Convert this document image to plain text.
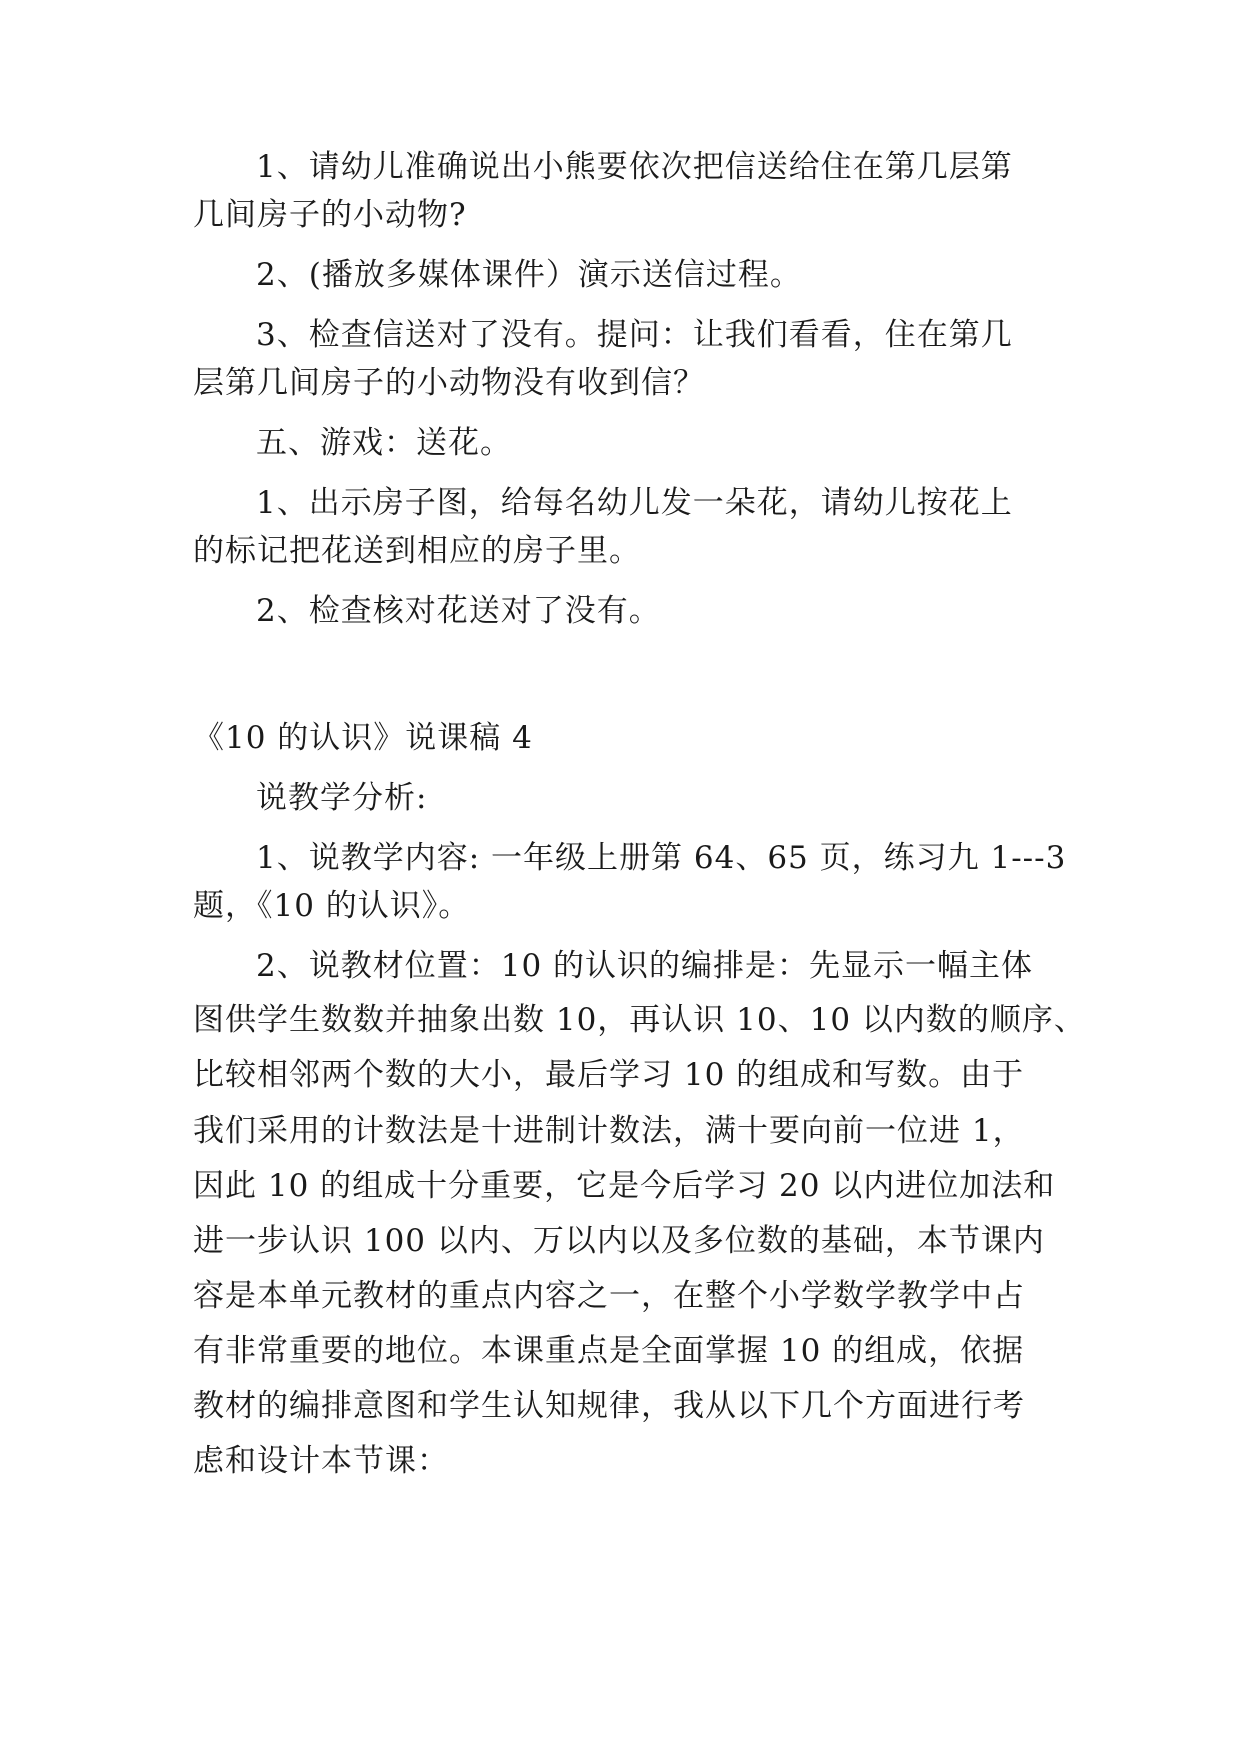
1、请幼儿准确说出小熊要依次把信送给住在第几层第
几间房子的小动物?
2、(播放多媒体课件）演示送信过程。
3、检查信送对了没有。提问：让我们看看，住在第几
层第几间房子的小动物没有收到信？
五、游戏：送花。
1、出示房子图，给每名幼儿发一朵花，请幼儿按花上
的标记把花送到相应的房子里。
2、检查核对花送对了没有。
《10 的认识》说课稿 4
说教学分析:
1、说教学内容: 一年级上册第 64、65 页，练习九 1---3
题，《10 的认识》。
2、说教材位置：10 的认识的编排是：先显示一幅主体
图供学生数数并抽象出数 10，再认识 10、10 以内数的顺序、
比较相邻两个数的大小，最后学习 10 的组成和写数。由于
我们采用的计数法是十进制计数法，满十要向前一位进 1，
因此 10 的组成十分重要，它是今后学习 20 以内进位加法和
进一步认识 100 以内、万以内以及多位数的基础，本节课内
容是本单元教材的重点内容之一，在整个小学数学教学中占
有非常重要的地位。本课重点是全面掌握 10 的组成，依据
教材的编排意图和学生认知规律，我从以下几个方面进行考
虑和设计本节课：
